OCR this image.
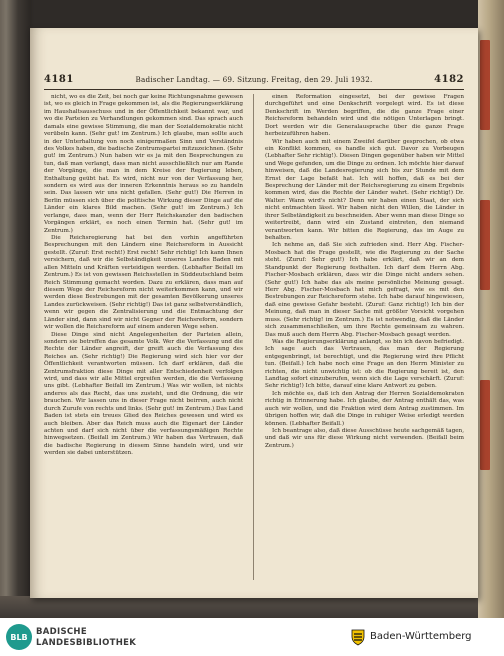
4181	Badischer Landtag. — 69. Sitzung. Freitag, den 29. Juli 1932.	4182

nicht, wo es die Zeit, bei noch gar keine Richtungsnahme gewesen ist, wo es gleich in Frage gekommen ist, als die Regierungserklärung im Haushaltsausschuss und in der Öffentlichkeit bekannt war, und wo die Parteien zu Verhandlungen gekommen sind. Das sprach auch damals eine gewisse Stimmung, die man der Sozialdemokratie nicht verübeln kann. (Sehr gut! im Zentrum.) Ich glaube, man sollte auch in der Unterhaltung von noch einigermaßen Sinn und Verständnis des Volkes haben, die badische Zentrumspartei mitzuzeichnen. (Sehr gut! im Zentrum.) Nun haben wir es ja mit den Besprechungen zu tun, daß man verlangt, dass man nicht ausschließlich nur am Rande der Vorgänge, die man in dem Kreise der Regierung leben, Enthaltung geübt hat. Es wird, nicht nur von der Verfassung her, sondern es wird aus der inneren Erkenntnis heraus so zu handeln sein. Das lassen wir uns nicht gefallen. (Sehr gut!) Die Herren in Berlin müssen sich über die politische Wirkung dieser Dinge auf die Länder ein klares Bild machen. (Sehr gut! im Zentrum.) Ich verlange, dass man, wenn der Herr Reichskanzler den badischen Vorgängen erklärt, es noch einen Termin hat. (Sehr gut! im Zentrum.)

Die Reichsregierung hat bei den vorhin angeführten Besprechungen mit den Ländern eine Reichsreform in Aussicht gestellt. (Zuruf: Erst recht!) Erst recht! Sehr richtig! Ich kann Ihnen versichern, daß wir die Selbständigkeit unseres Landes Baden mit allen Mitteln und Kräften verteidigen werden. (Lebhafter Beifall im Zentrum.) Es ist von gewissen Reichsstellen in Süddeutschland beim Reich Stimmung gemacht worden. Dazu zu erklären, dass man auf diesem Wege der Reichsreform nicht weiterkommen kann, und wir werden diese Bestrebungen mit der gesamten Bevölkerung unseres Landes zurückweisen. (Sehr richtig!) Das ist ganz selbstverständlich, wenn wir gegen die Zentralisierung und die Entmachtung der Länder sind, dann sind wir nicht Gegner der Reichsreform, sondern wir wollen die Reichsreform auf einem anderen Wege sehen.

Diese Dinge sind nicht Angelegenheiten der Parteien allein, sondern sie betreffen das gesamte Volk. Wer die Verfassung und die Rechte der Länder angreift, der greift auch die Verfassung des Reiches an. (Sehr richtig!) Die Regierung wird sich hier vor der Öffentlichkeit verantworten müssen. Ich darf erklären, daß die Zentrumsfraktion diese Dinge mit aller Entschiedenheit verfolgen wird, und dass wir alle Mittel ergreifen werden, die die Verfassung uns gibt. (Lebhafter Beifall im Zentrum.) Was wir wollen, ist nichts anderes als das Recht, das uns zusteht, und die Ordnung, die wir brauchen. Wir lassen uns in dieser Frage nicht beirren, auch nicht durch Zurufe von rechts und links. (Sehr gut! im Zentrum.) Das Land Baden ist stets ein treues Glied des Reiches gewesen und wird es auch bleiben. Aber das Reich muss auch die Eigenart der Länder achten und darf sich nicht über die verfassungsmäßigen Rechte hinwegsetzen. (Beifall im Zentrum.) Wir haben das Vertrauen, daß die badische Regierung in diesem Sinne handeln wird, und wir werden sie dabei unterstützen.

einen Reformation eingesetzt, bei der gewisse Fragen durchgeführt und eine Denkschrift vorgelegt wird. Es ist diese Denkschrift im Werden begriffen, die die ganze Frage einer Reichsreform behandeln wird und die nötigen Unterlagen bringt. Dort werden wir die Generalausprache über die ganze Frage herbeizuführen haben.

Wir haben auch mit einem Zweifel darüber gesprochen, ob etwa ein Konflikt kommen, es handle sich gut. Davor zu Vorbeugen (Lebhafter Sehr richtig!). Diesen Dingen gegenüber haben wir Mittel und Wege gefunden, um die Dinge zu ordnen. Ich möchte hier darauf hinweisen, daß die Landesregierung sich bis zur Stunde mit dem Ernst der Lage befaßt hat. Ich will hoffen, daß es bei der Besprechung der Länder mit der Reichsregierung zu einem Ergebnis kommen wird, das die Rechte der Länder wahrt. (Sehr richtig!) Dr. Walter: Wann wird's nicht? Denn wir haben einen Staat, der sich nicht entmachten lässt. Wir haben nicht den Willen, die Länder in ihrer Selbständigkeit zu beschneiden. Aber wenn man diese Dinge so weitertreibt, dann wird ein Zustand eintreten, den niemand verantworten kann. Wir bitten die Regierung, das im Auge zu behalten.

Ich nehme an, daß Sie sich zufrieden sind. Herr Abg. Fischer-Mosbach hat die Frage gestellt, wie die Regierung zu der Sache steht. (Zuruf: Sehr gut!) Ich habe erklärt, daß wir an dem Standpunkt der Regierung festhalten. Ich darf dem Herrn Abg. Fischer-Mosbach erklären, dass wir die Dinge nicht anders sehen. (Sehr gut!) Ich habe das als meine persönliche Meinung gesagt. Herr Abg. Fischer-Mosbach hat mich gefragt, wie es mit den Bestrebungen zur Reichsreform stehe. Ich habe darauf hingewiesen, daß eine gewisse Gefahr besteht. (Zuruf: Ganz richtig!) Ich bin der Meinung, daß man in dieser Sache mit größter Vorsicht vorgehen muss. (Sehr richtig! im Zentrum.) Es ist notwendig, daß die Länder sich zusammenschließen, um ihre Rechte gemeinsam zu wahren. Das muß auch dem Herrn Abg. Fischer-Mosbach gesagt werden.

Was die Regierungserklärung anlangt, so bin ich davon befriedigt. Ich sage auch das Vertrauen, das man der Regierung entgegenbringt, ist berechtigt, und die Regierung wird ihre Pflicht tun. (Beifall.) Ich habe noch eine Frage an den Herrn Minister zu richten, die nicht unwichtig ist: ob die Regierung bereit ist, den Landtag sofort einzuberufen, wenn sich die Lage verschärft. (Zuruf: Sehr richtig!) Ich bitte, darauf eine klare Antwort zu geben.

Ich möchte es, daß ich den Antrag der Herren Sozialdemokraten richtig in Erinnerung habe. Ich glaube, der Antrag enthält das, was auch wir wollen, und die Fraktion wird dem Antrag zustimmen. Im übrigen hoffen wir, daß die Dinge in ruhiger Weise erledigt werden können. (Lebhafter Beifall.)

Ich beantrage also, daß diese Ausschüsse heute sachgemäß tagen, und daß wir uns für diese Wirkung nicht verwenden. (Beifall beim Zentrum.)

BLB BADISCHE
LANDESBIBLIOTHEK
Baden-Württemberg
